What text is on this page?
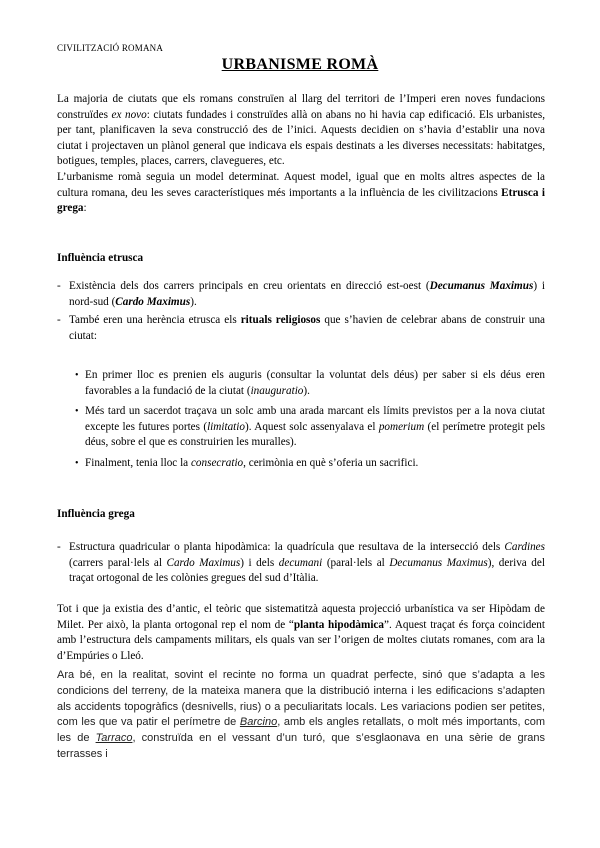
CIVILITZACIÓ ROMANA
URBANISME ROMÀ

La majoria de ciutats que els romans construïen al llarg del territori de l’Imperi eren noves fundacions construïdes ex novo: ciutats fundades i construïdes allà on abans no hi havia cap edificació. Els urbanistes, per tant, planificaven la seva construcció des de l’inici. Aquests decidien on s’havia d’establir una nova ciutat i projectaven un plànol general que indicava els espais destinats a les diverses necessitats: habitatges, botigues, temples, places, carrers, clavegueres, etc.

L’urbanisme romà seguia un model determinat. Aquest model, igual que en molts altres aspectes de la cultura romana, deu les seves característiques més importants a la influència de les civilitzacions Etrusca i grega:

Influència etrusca
- Existència dels dos carrers principals en creu orientats en direcció est-oest (Decumanus Maximus) i nord-sud (Cardo Maximus).
- També eren una herència etrusca els rituals religiosos que s’havien de celebrar abans de construir una ciutat:
• En primer lloc es prenien els auguris (consultar la voluntat dels déus) per saber si els déus eren favorables a la fundació de la ciutat (inauguratio).
• Més tard un sacerdot traçava un solc amb una arada marcant els límits previstos per a la nova ciutat excepte les futures portes (limitatio). Aquest solc assenyalava el pomerium (el perímetre protegit pels déus, sobre el que es construirien les muralles).
• Finalment, tenia lloc la consecratio, cerimònia en què s’oferia un sacrifici.
Influència grega
- Estructura quadricular o planta hipodàmica: la quadrícula que resultava de la intersecció dels Cardines (carrers paral·lels al Cardo Maximus) i dels decumani (paral·lels al Decumanus Maximus), deriva del traçat ortogonal de les colònies gregues del sud d’Itàlia.

Tot i que ja existia des d’antic, el teòric que sistematitzà aquesta projecció urbanística va ser Hipòdam de Milet. Per això, la planta ortogonal rep el nom de “planta hipodàmica”. Aquest traçat és força coincident amb l’estructura dels campaments militars, els quals van ser l’origen de moltes ciutats romanes, com ara la d’Empúries o Lleó.

Ara bé, en la realitat, sovint el recinte no forma un quadrat perfecte, sinó que s’adapta a les condicions del terreny, de la mateixa manera que la distribució interna i les edificacions s’adapten als accidents topogràfics (desnivells, rius) o a peculiaritats locals. Les variacions podien ser petites, com les que va patir el perímetre de Barcino, amb els angles retallats, o molt més importants, com les de Tarraco, construïda en el vessant d’un turó, que s’esglaonava en una sèrie de grans terrasses i
